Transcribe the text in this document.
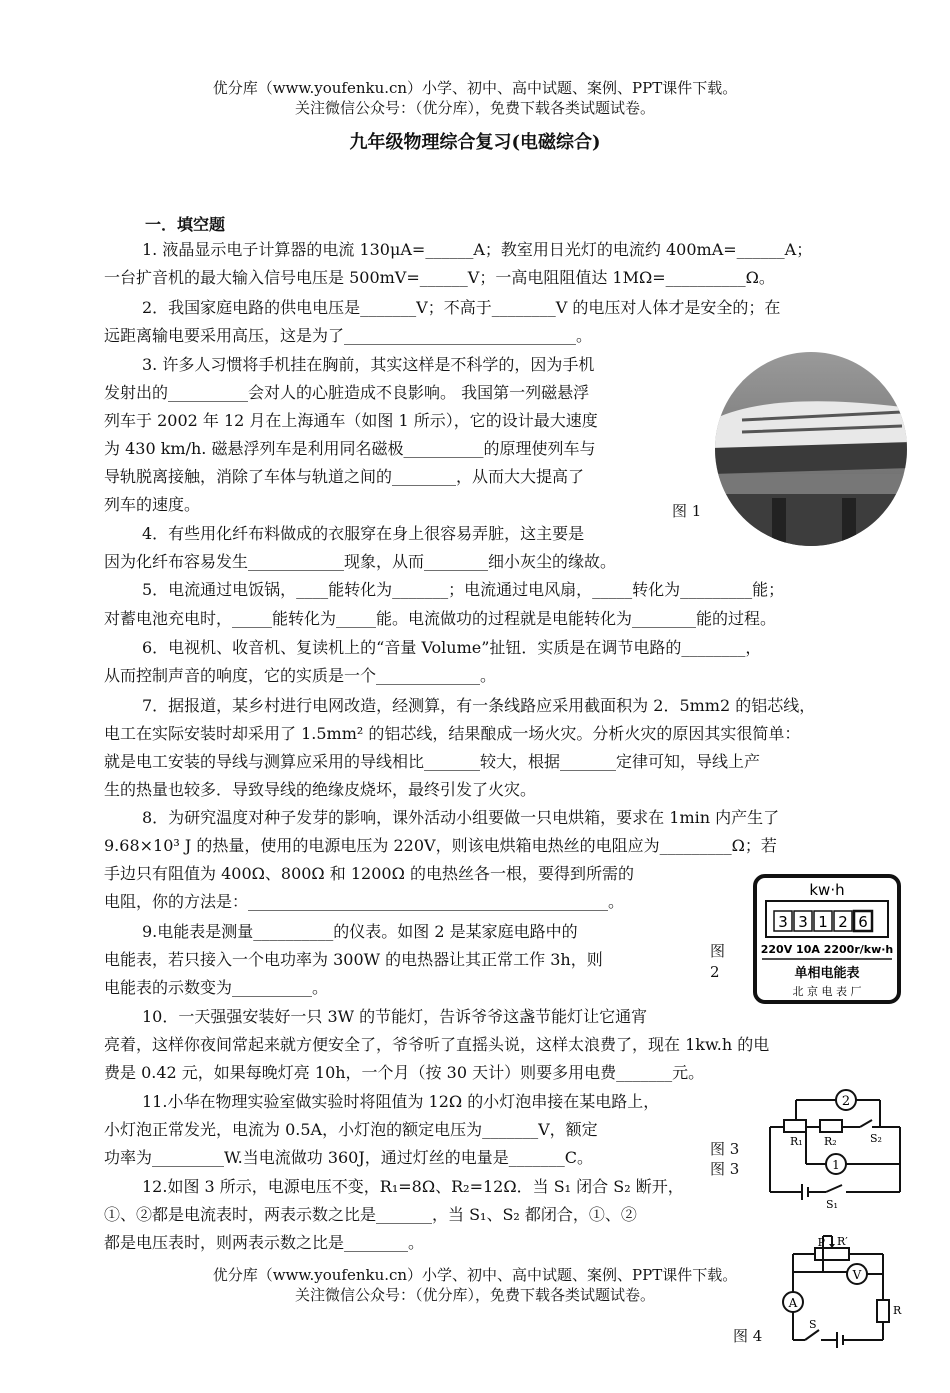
优分库（www.youfenku.cn）小学、初中、高中试题、案例、PPT课件下载。
关注微信公众号：（优分库），免费下载各类试题试卷。
九年级物理综合复习(电磁综合)
一．填空题
1. 液晶显示电子计算器的电流 130μA=______A；教室用日光灯的电流约 400mA=______A；
一台扩音机的最大输入信号电压是 500mV=______V；一高电阻阻值达 1MΩ=__________Ω。
2．我国家庭电路的供电电压是_______V；不高于________V 的电压对人体才是安全的；在
远距离输电要采用高压，这是为了_____________________________。
3. 许多人习惯将手机挂在胸前，其实这样是不科学的，因为手机
发射出的__________会对人的心脏造成不良影响。 我国第一列磁悬浮
列车于 2002 年 12 月在上海通车（如图 1 所示），它的设计最大速度
为 430 km/h. 磁悬浮列车是利用同名磁极__________的原理使列车与
导轨脱离接触，消除了车体与轨道之间的________，从而大大提高了
列车的速度。
4．有些用化纤布料做成的衣服穿在身上很容易弄脏，这主要是
因为化纤布容易发生____________现象，从而________细小灰尘的缘故。
5．电流通过电饭锅，____能转化为_______；电流通过电风扇，_____转化为_________能；
对蓄电池充电时，_____能转化为_____能。电流做功的过程就是电能转化为________能的过程。
6．电视机、收音机、复读机上的“音量 Volume”扯钮．实质是在调节电路的________，
从而控制声音的响度，它的实质是一个_____________。
7．据报道，某乡村进行电网改造，经测算，有一条线路应采用截面积为 2．5mm2 的铝芯线，
电工在实际安装时却采用了 1.5mm² 的铝芯线，结果酿成一场火灾。分析火灾的原因其实很简单：
就是电工安装的导线与测算应采用的导线相比_______较大，根据_______定律可知，导线上产
生的热量也较多．导致导线的绝缘皮烧坏，最终引发了火灾。
8．为研究温度对种子发芽的影响，课外活动小组要做一只电烘箱，要求在 1min 内产生了
9.68×10³ J 的热量，使用的电源电压为 220V，则该电烘箱电热丝的电阻应为_________Ω；若
手边只有阻值为 400Ω、800Ω 和 1200Ω 的电热丝各一根，要得到所需的
电阻，你的方法是：_____________________________________________。
9.电能表是测量__________的仪表。如图 2 是某家庭电路中的
电能表，若只接入一个电功率为 300W 的电热器让其正常工作 3h，则
电能表的示数变为__________。
10．一天强强安装好一只 3W 的节能灯，告诉爷爷这盏节能灯让它通宵
亮着，这样你夜间常起来就方便安全了，爷爷听了直摇头说，这样太浪费了，现在 1kw.h 的电
费是 0.42 元，如果每晚灯亮 10h，一个月（按 30 天计）则要多用电费_______元。
11.小华在物理实验室做实验时将阻值为 12Ω 的小灯泡串接在某电路上，
小灯泡正常发光，电流为 0.5A，小灯泡的额定电压为_______V，额定
功率为_________W.当电流做功 360J，通过灯丝的电量是_______C。
12.如图 3 所示，电源电压不变，R₁=8Ω、R₂=12Ω．当 S₁ 闭合 S₂ 断开，
①、②都是电流表时，两表示数之比是_______，当 S₁、S₂ 都闭合，①、②
都是电压表时，则两表示数之比是________。
图 1
3 3 1 2 6
kw·h
220V 10A 2200r/kw·h
单相电能表
北 京 电 表 厂
图
2
2
1
R₁ R₂	S₂
S₁
图 3
图 3
P R′
V
A
R
S
图 4
优分库（www.youfenku.cn）小学、初中、高中试题、案例、PPT课件下载。
关注微信公众号：（优分库），免费下载各类试题试卷。
